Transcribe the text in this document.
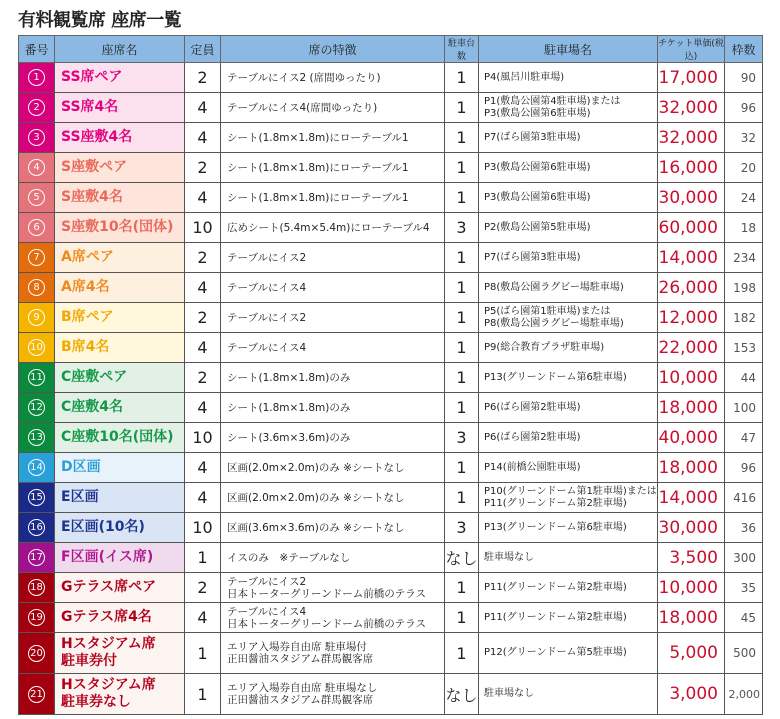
有料観覧席 座席一覧
番号	座席名	定員	席の特徴	駐車台数	駐車場名	チケット単価(税込)	枠数
1	SS席ペア	2	テーブルにイス2 (席間ゆったり)	1	P4(風呂川駐車場)	17,000	90
2	SS席4名	4	テーブルにイス4(席間ゆったり)	1	P1(敷島公園第4駐車場)または
P3(敷島公園第6駐車場)	32,000	96
3	SS座敷4名	4	シート(1.8m×1.8m)にローテーブル1	1	P7(ばら園第3駐車場)	32,000	32
4	S座敷ペア	2	シート(1.8m×1.8m)にローテーブル1	1	P3(敷島公園第6駐車場)	16,000	20
5	S座敷4名	4	シート(1.8m×1.8m)にローテーブル1	1	P3(敷島公園第6駐車場)	30,000	24
6	S座敷10名(団体)	10	広めシート(5.4m×5.4m)にローテーブル4	3	P2(敷島公園第5駐車場)	60,000	18
7	A席ペア	2	テーブルにイス2	1	P7(ばら園第3駐車場)	14,000	234
8	A席4名	4	テーブルにイス4	1	P8(敷島公園ラグビー場駐車場)	26,000	198
9	B席ペア	2	テーブルにイス2	1	P5(ばら園第1駐車場)または
P8(敷島公園ラグビー場駐車場)	12,000	182
10	B席4名	4	テーブルにイス4	1	P9(総合教育プラザ駐車場)	22,000	153
11	C座敷ペア	2	シート(1.8m×1.8m)のみ	1	P13(グリーンドーム第6駐車場)	10,000	44
12	C座敷4名	4	シート(1.8m×1.8m)のみ	1	P6(ばら園第2駐車場)	18,000	100
13	C座敷10名(団体)	10	シート(3.6m×3.6m)のみ	3	P6(ばら園第2駐車場)	40,000	47
14	D区画	4	区画(2.0m×2.0m)のみ ※シートなし	1	P14(前橋公園駐車場)	18,000	96
15	E区画	4	区画(2.0m×2.0m)のみ ※シートなし	1	P10(グリーンドーム第1駐車場)または
P11(グリーンドーム第2駐車場)	14,000	416
16	E区画(10名)	10	区画(3.6m×3.6m)のみ ※シートなし	3	P13(グリーンドーム第6駐車場)	30,000	36
17	F区画(イス席)	1	イスのみ　※テーブルなし	なし	駐車場なし	3,500	300
18	Gテラス席ペア	2	テーブルにイス2
日本トーターグリーンドーム前橋のテラス	1	P11(グリーンドーム第2駐車場)	10,000	35
19	Gテラス席4名	4	テーブルにイス4
日本トーターグリーンドーム前橋のテラス	1	P11(グリーンドーム第2駐車場)	18,000	45
20	Hスタジアム席
駐車券付	1	エリア入場券自由席 駐車場付
正田醤油スタジアム群馬観客席	1	P12(グリーンドーム第5駐車場)	5,000	500
21	Hスタジアム席
駐車券なし	1	エリア入場券自由席 駐車場なし
正田醤油スタジアム群馬観客席	なし	駐車場なし	3,000	2,000
